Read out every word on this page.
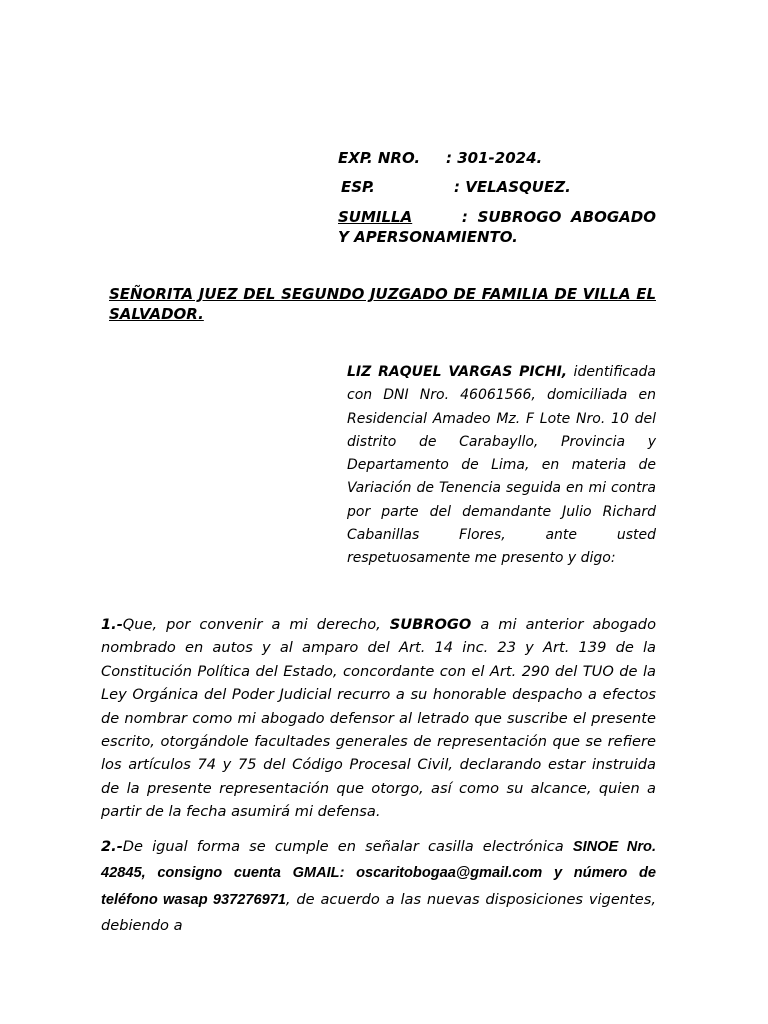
EXP. NRO. : 301-2024.
ESP.	: VELASQUEZ.
SUMILLA	: SUBROGO ABOGADO Y APERSONAMIENTO.
SEÑORITA JUEZ DEL SEGUNDO JUZGADO DE FAMILIA DE VILLA EL SALVADOR.
LIZ RAQUEL VARGAS PICHI, identificada con DNI Nro. 46061566, domiciliada en Residencial Amadeo Mz. F Lote Nro. 10 del distrito de Carabayllo, Provincia y Departamento de Lima, en materia de Variación de Tenencia seguida en mi contra por parte del demandante Julio Richard Cabanillas Flores, ante usted respetuosamente me presento y digo:
1.-Que, por convenir a mi derecho, SUBROGO a mi anterior abogado nombrado en autos y al amparo del Art. 14 inc. 23 y Art. 139 de la Constitución Política del Estado, concordante con el Art. 290 del TUO de la Ley Orgánica del Poder Judicial recurro a su honorable despacho a efectos de nombrar como mi abogado defensor al letrado que suscribe el presente escrito, otorgándole facultades generales de representación que se refiere los artículos 74 y 75 del Código Procesal Civil, declarando estar instruida de la presente representación que otorgo, así como su alcance, quien a partir de la fecha asumirá mi defensa.
2.-De igual forma se cumple en señalar casilla electrónica SINOE Nro. 42845, consigno cuenta GMAIL: oscaritobogaa@gmail.com y número de teléfono wasap 937276971, de acuerdo a las nuevas disposiciones vigentes, debiendo a
